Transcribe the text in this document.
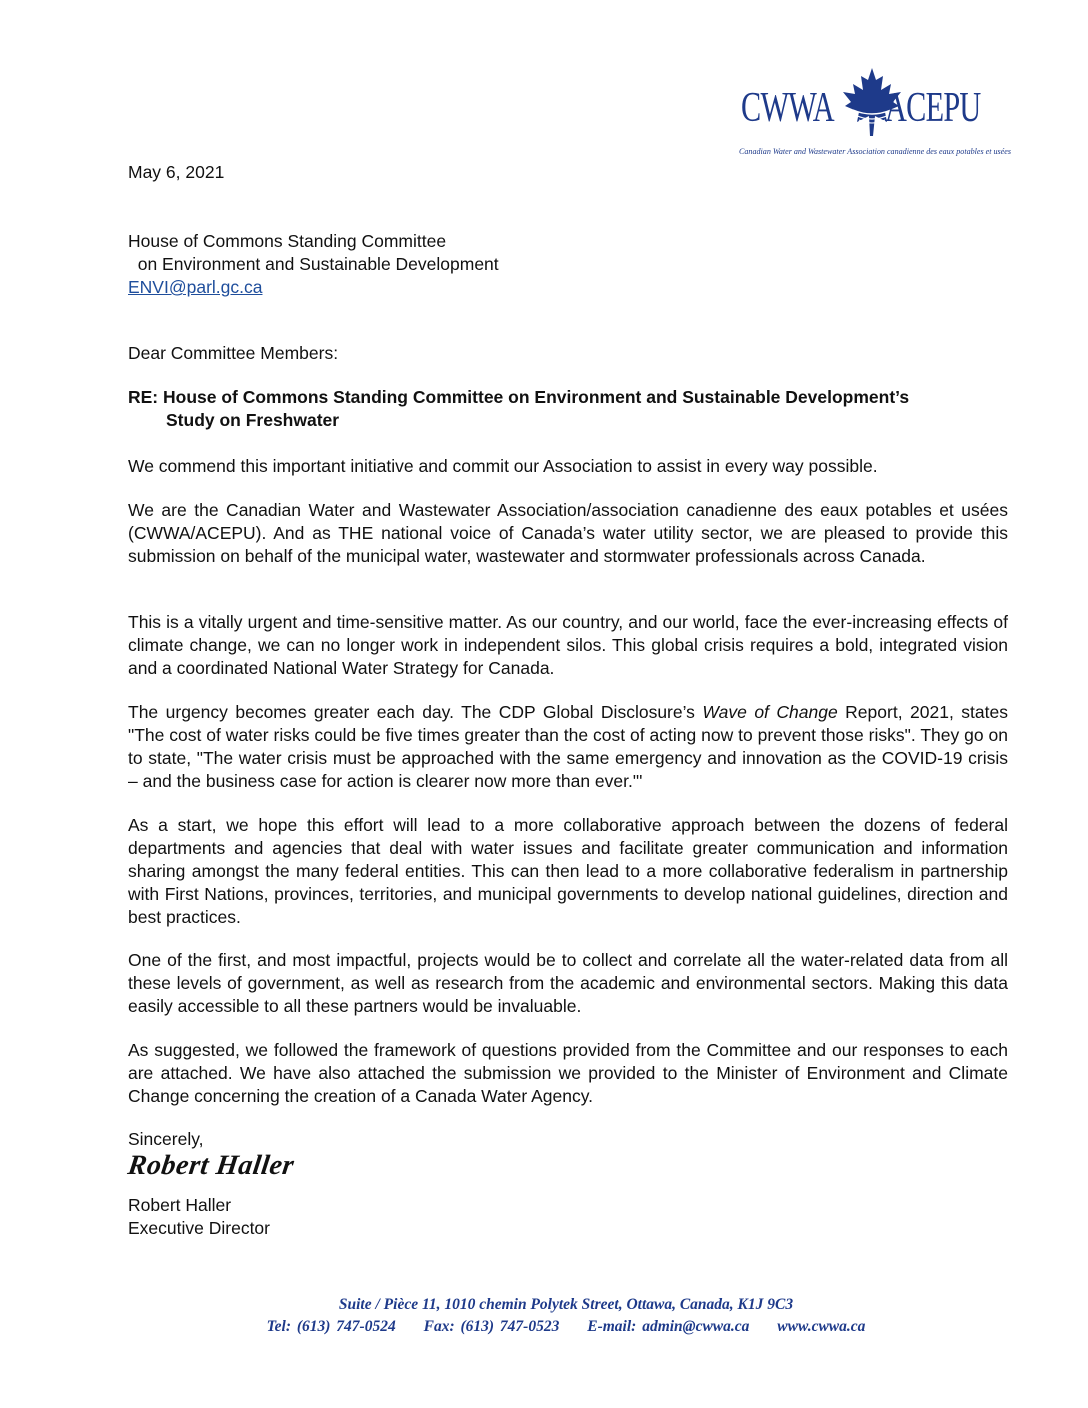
CWWA ACEPU
Canadian Water and Wastewater Association canadienne des eaux potables et usées
May 6, 2021
House of Commons Standing Committee
on Environment and Sustainable Development
ENVI@parl.gc.ca
Dear Committee Members:
RE: House of Commons Standing Committee on Environment and Sustainable Development’s
Study on Freshwater

We commend this important initiative and commit our Association to assist in every way possible.

We are the Canadian Water and Wastewater Association/association canadienne des eaux potables et usées (CWWA/ACEPU). And as THE national voice of Canada’s water utility sector, we are pleased to provide this submission on behalf of the municipal water, wastewater and stormwater professionals across Canada.

This is a vitally urgent and time-sensitive matter. As our country, and our world, face the ever-increasing effects of climate change, we can no longer work in independent silos. This global crisis requires a bold, integrated vision and a coordinated National Water Strategy for Canada.

The urgency becomes greater each day. The CDP Global Disclosure’s Wave of Change Report, 2021, states "The cost of water risks could be five times greater than the cost of acting now to prevent those risks". They go on to state, "The water crisis must be approached with the same emergency and innovation as the COVID-19 crisis – and the business case for action is clearer now more than ever."'

As a start, we hope this effort will lead to a more collaborative approach between the dozens of federal departments and agencies that deal with water issues and facilitate greater communication and information sharing amongst the many federal entities. This can then lead to a more collaborative federalism in partnership with First Nations, provinces, territories, and municipal governments to develop national guidelines, direction and best practices.

One of the first, and most impactful, projects would be to collect and correlate all the water-related data from all these levels of government, as well as research from the academic and environmental sectors. Making this data easily accessible to all these partners would be invaluable.

As suggested, we followed the framework of questions provided from the Committee and our responses to each are attached. We have also attached the submission we provided to the Minister of Environment and Climate Change concerning the creation of a Canada Water Agency.

Sincerely,
Robert Haller
Robert Haller
Executive Director
Suite / Pièce 11, 1010 chemin Polytek Street, Ottawa, Canada, K1J 9C3
Tel: (613) 747-0524 Fax: (613) 747-0523 E-mail: admin@cwwa.ca www.cwwa.ca
